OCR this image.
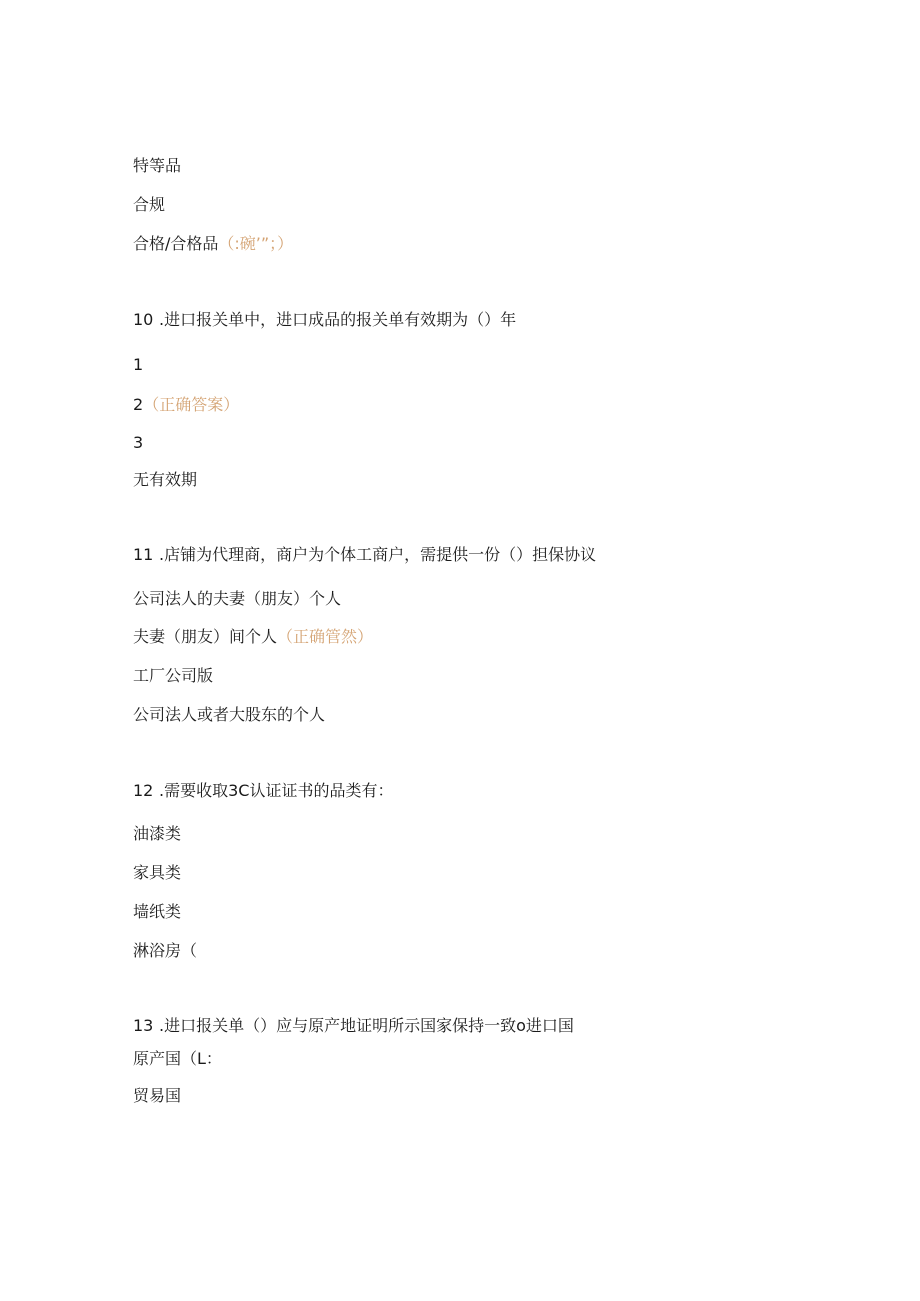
特等品
合规
合格/合格品（:碗’”；）
10 .进口报关单中，进口成品的报关单有效期为（）年
1
2（正确答案）
3
无有效期
11 .店铺为代理商，商户为个体工商户，需提供一份（）担保协议
公司法人的夫妻（朋友）个人
夫妻（朋友）间个人（正确管然）
工厂公司版
公司法人或者大股东的个人
12 .需要收取3C认证证书的品类有：
油漆类
家具类
墙纸类
淋浴房（
13 .进口报关单（）应与原产地证明所示国家保持一致o进口国
原产国（L：
贸易国
